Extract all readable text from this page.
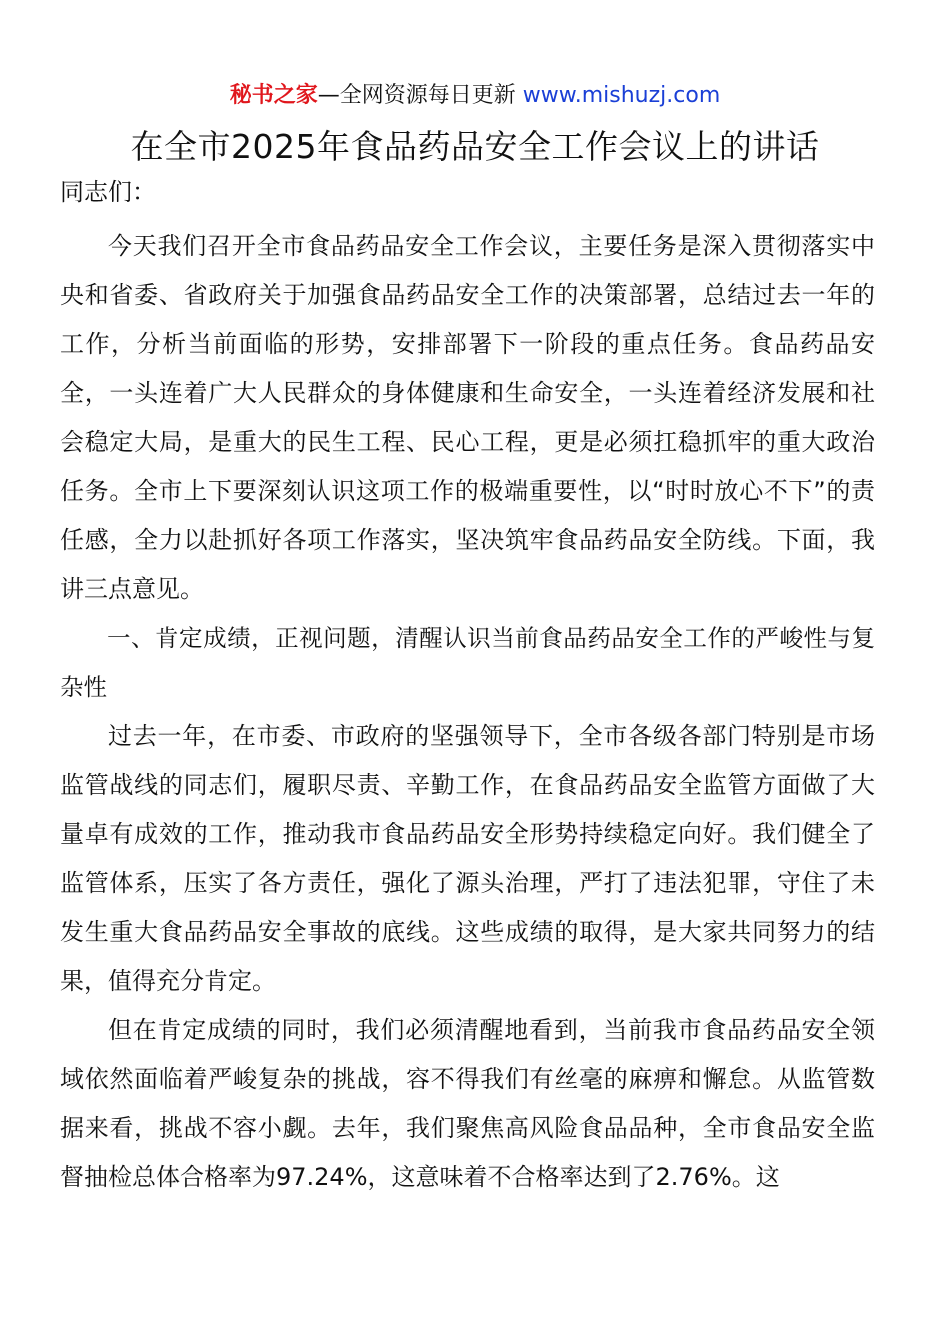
秘书之家—全网资源每日更新 www.mishuzj.com
在全市2025年食品药品安全工作会议上的讲话
同志们：

今天我们召开全市食品药品安全工作会议，主要任务是深入贯彻落实中央和省委、省政府关于加强食品药品安全工作的决策部署，总结过去一年的工作，分析当前面临的形势，安排部署下一阶段的重点任务。食品药品安全，一头连着广大人民群众的身体健康和生命安全，一头连着经济发展和社会稳定大局，是重大的民生工程、民心工程，更是必须扛稳抓牢的重大政治任务。全市上下要深刻认识这项工作的极端重要性，以“时时放心不下”的责任感，全力以赴抓好各项工作落实，坚决筑牢食品药品安全防线。下面，我讲三点意见。

一、肯定成绩，正视问题，清醒认识当前食品药品安全工作的严峻性与复杂性

过去一年，在市委、市政府的坚强领导下，全市各级各部门特别是市场监管战线的同志们，履职尽责、辛勤工作，在食品药品安全监管方面做了大量卓有成效的工作，推动我市食品药品安全形势持续稳定向好。我们健全了监管体系，压实了各方责任，强化了源头治理，严打了违法犯罪，守住了未发生重大食品药品安全事故的底线。这些成绩的取得，是大家共同努力的结果，值得充分肯定。

但在肯定成绩的同时，我们必须清醒地看到，当前我市食品药品安全领域依然面临着严峻复杂的挑战，容不得我们有丝毫的麻痹和懈怠。从监管数据来看，挑战不容小觑。去年，我们聚焦高风险食品品种，全市食品安全监督抽检总体合格率为97.24%，这意味着不合格率达到了2.76%。这
